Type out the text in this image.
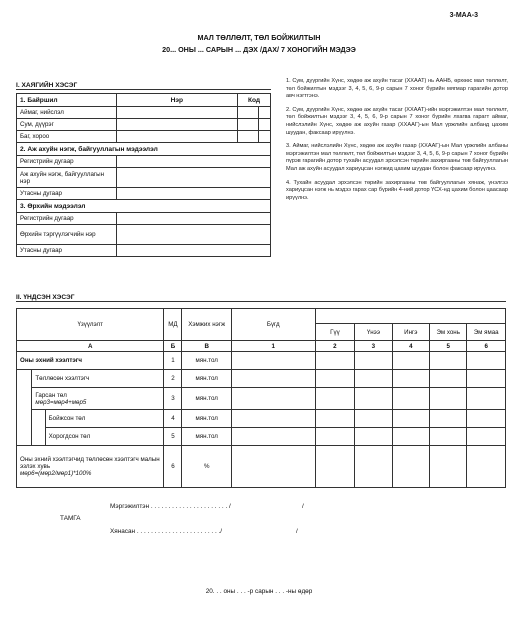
3-МАА-3
МАЛ ТӨЛЛӨЛТ, ТӨЛ БОЙЖИЛТЫН
20... ОНЫ ... САРЫН ... ДЭХ /ДАХ/ 7 ХОНОГИЙН МЭДЭЭ
I. ХАЯГИЙН ХЭСЭГ
1. Байршил	Нэр	Код	
Аймаг, нийслэл			
Сум, дүүрэг			
Баг, хороо			
2. Аж ахуйн нэгж, байгууллагын мэдээлэл			
Регистрийн дугаар			
Аж ахуйн нэгж, байгууллагын нэр			
Утасны дугаар			
3. Өрхийн мэдээлэл			
Регистрийн дугаар			
Өрхийн тэргүүлэгчийн нэр			
Утасны дугаар			

1. Сум, дүүргийн Хүнс, хөдөө аж ахуйн тасаг (ХХААТ) нь ААНБ, өрхөөс мал төллөлт, төл бойжилтын мэдээг 3, 4, 5, 6, 9-р сарын 7 хоног бүрийн мягмар гарагийн дотор авч нэгтгэнэ.

2. Сум, дүүргийн Хүнс, хөдөө аж ахуйн тасаг (ХХААТ)-ийн мэргэжилтэн мал төллөлт, төл бойжилтын мэдээг 3, 4, 5, 6, 9-р сарын 7 хоног бүрийн лхагва гарагт аймаг, нийслэлийн Хүнс, хөдөө аж ахуйн газар (ХХААГ)-ын Мал үржлийн албанд цахим шуудан, факсаар ирүүлнэ.

3. Аймаг, нийслэлийн Хүнс, хөдөө аж ахуйн газар (ХХААГ)-ын Мал үржлийн албаны мэргэжилтэн мал төллөлт, төл бойжилтын мэдээг 3, 4, 5, 6, 9-р сарын 7 хоног бүрийн пүрэв гарагийн дотор тухайн асуудал эрхэлсэн төрийн захиргааны төв байгууллагын Мал аж ахуйн асуудал хариуцсан нэгжид цахим шуудан болон факсаар ирүүлнэ.

4. Тухайн асуудал эрхэлсэн төрийн захиргааны төв байгууллагын хянаж, үнэлгээ хариуцсан нэгж нь мэдээ гарах сар бүрийн 4-ний дотор ҮСХ-нд цахим болон цаасаар ирүүлнэ.

II. ҮНДСЭН ХЭСЭГ
Үзүүлэлт			МД	Хэмжих нэгж	Бүгд					
						Гүү	Үнээ	Ингэ	Эм хонь	Эм ямаа
А			Б	В	1	2	3	4	5	6
Оны эхний хээлтэгч			1	мян.тол						
	Төллөсөн хээлтэгч		2	мян.тол						
	Гарсан төл
мөр3=мөр4+мөр5		3	мян.тол						
		Бойжсон төл	4	мян.тол						
		Хорогдсон төл	5	мян.тол						
Оны эхний хээлтэгчид төллөсөн хээлтэгч малын эзлэх хувь
мөр6=(мөр2/мөр1)*100%			6	%						
Мэргэжилтэн . . . . . . . . . . . . . . . . . . . . . . /	/
ТАМГА
Хянасан . . . . . . . . . . . . . . . . . . . . . . . ./	/
20. . . оны . . . -р сарын . . . -ны өдөр
